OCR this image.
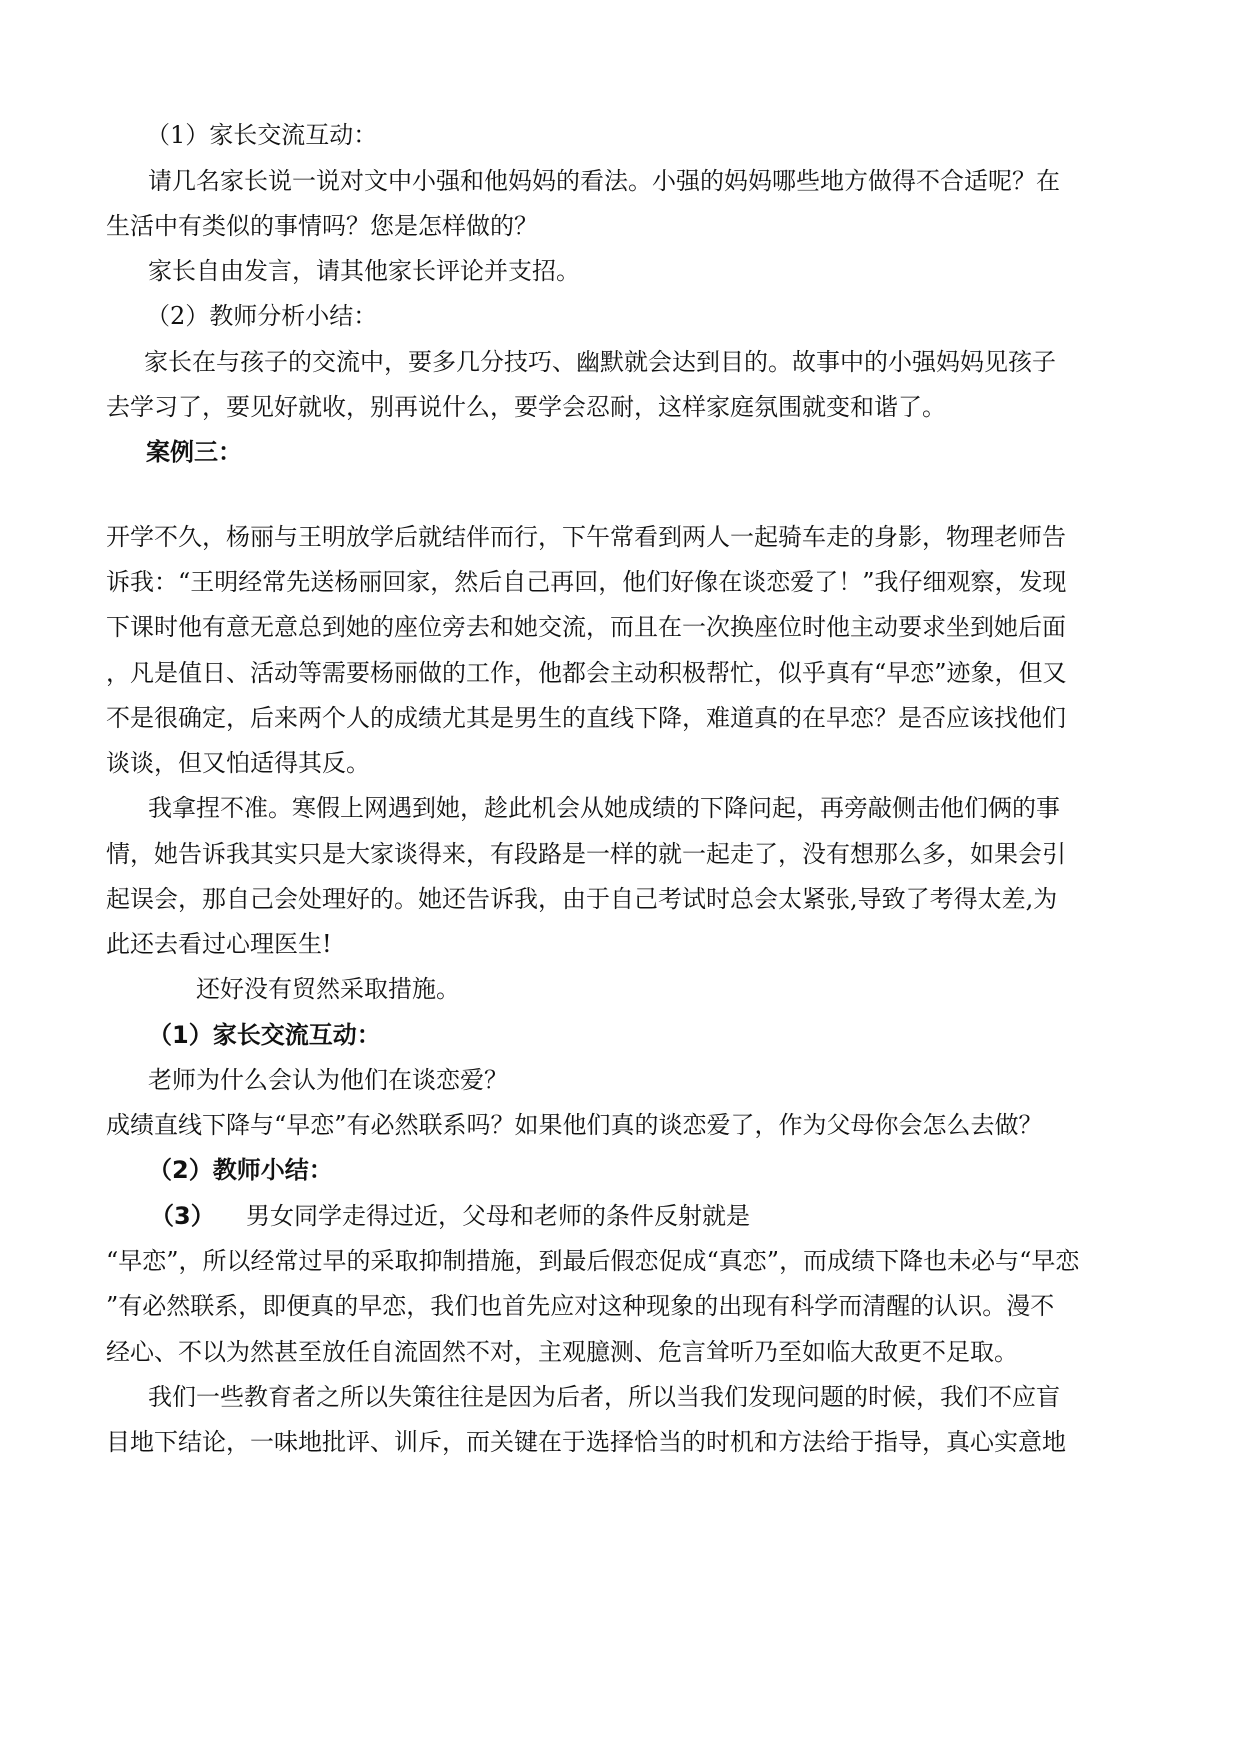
（1）家长交流互动：
请几名家长说一说对文中小强和他妈妈的看法。小强的妈妈哪些地方做得不合适呢？在
生活中有类似的事情吗？您是怎样做的？
家长自由发言，请其他家长评论并支招。
（2）教师分析小结：
家长在与孩子的交流中，要多几分技巧、幽默就会达到目的。故事中的小强妈妈见孩子
去学习了，要见好就收，别再说什么，要学会忍耐，这样家庭氛围就变和谐了。
案例三：
开学不久，杨丽与王明放学后就结伴而行，下午常看到两人一起骑车走的身影，物理老师告
诉我：“王明经常先送杨丽回家，然后自己再回，他们好像在谈恋爱了！”我仔细观察，发现
下课时他有意无意总到她的座位旁去和她交流，而且在一次换座位时他主动要求坐到她后面
，凡是值日、活动等需要杨丽做的工作，他都会主动积极帮忙，似乎真有“早恋”迹象，但又
不是很确定，后来两个人的成绩尤其是男生的直线下降，难道真的在早恋？是否应该找他们
谈谈，但又怕适得其反。
我拿捏不准。寒假上网遇到她，趁此机会从她成绩的下降问起，再旁敲侧击他们俩的事
情，她告诉我其实只是大家谈得来，有段路是一样的就一起走了，没有想那么多，如果会引
起误会，那自己会处理好的。她还告诉我，由于自己考试时总会太紧张,导致了考得太差,为
此还去看过心理医生!
还好没有贸然采取措施。
（1）家长交流互动：
老师为什么会认为他们在谈恋爱？
成绩直线下降与“早恋”有必然联系吗？如果他们真的谈恋爱了，作为父母你会怎么去做？
（2）教师小结：
（3） 男女同学走得过近，父母和老师的条件反射就是
“早恋”，所以经常过早的采取抑制措施，到最后假恋促成“真恋”，而成绩下降也未必与“早恋
”有必然联系，即便真的早恋，我们也首先应对这种现象的出现有科学而清醒的认识。漫不
经心、不以为然甚至放任自流固然不对，主观臆测、危言耸听乃至如临大敌更不足取。
我们一些教育者之所以失策往往是因为后者，所以当我们发现问题的时候，我们不应盲
目地下结论，一味地批评、训斥，而关键在于选择恰当的时机和方法给于指导，真心实意地
